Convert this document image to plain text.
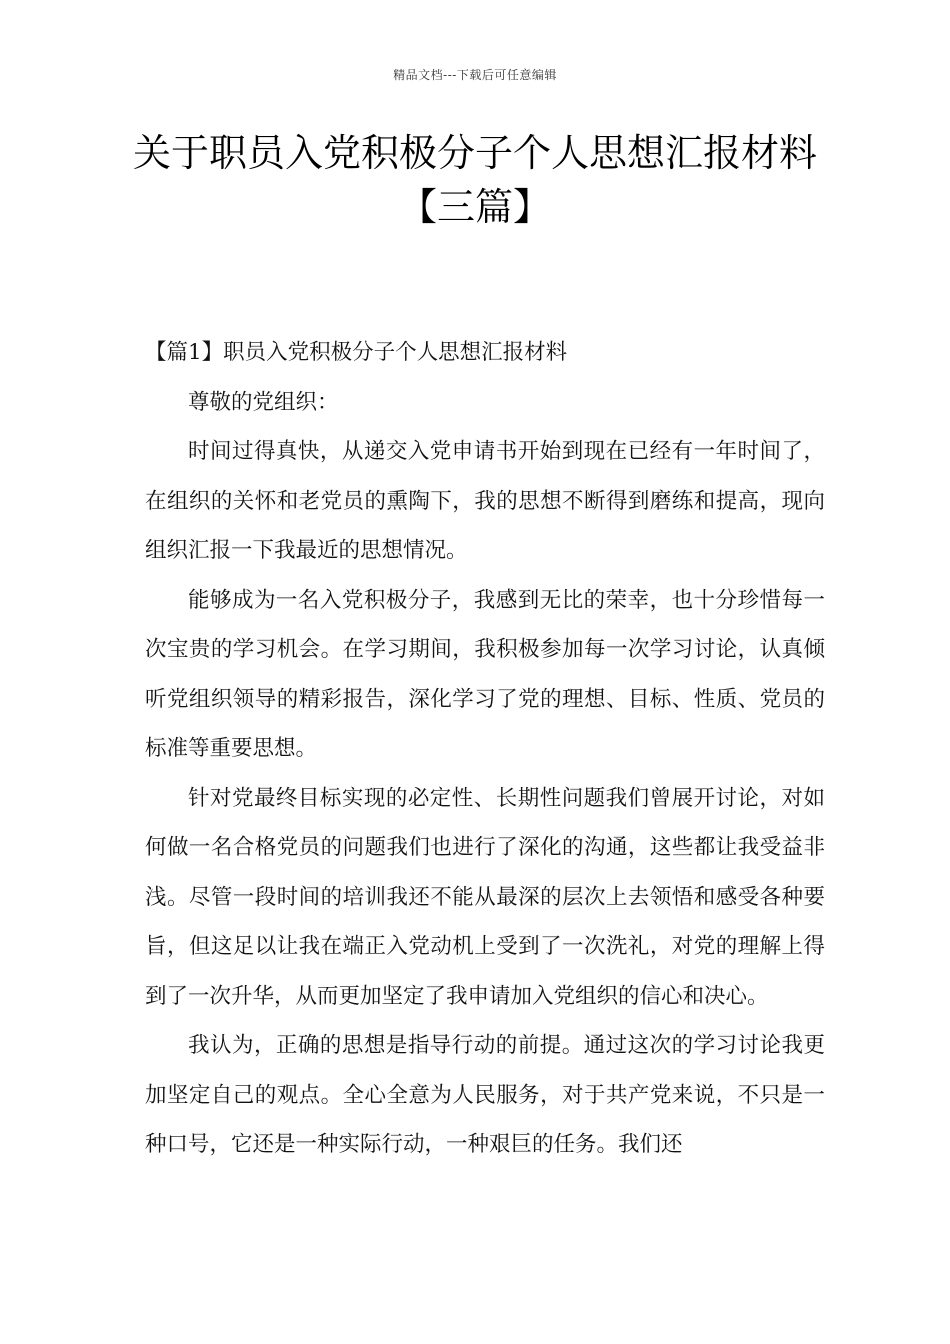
精品文档---下载后可任意编辑
关于职员入党积极分子个人思想汇报材料【三篇】

【篇1】职员入党积极分子个人思想汇报材料

尊敬的党组织：

时间过得真快，从递交入党申请书开始到现在已经有一年时间了，在组织的关怀和老党员的熏陶下，我的思想不断得到磨练和提高，现向组织汇报一下我最近的思想情况。

能够成为一名入党积极分子，我感到无比的荣幸，也十分珍惜每一次宝贵的学习机会。在学习期间，我积极参加每一次学习讨论，认真倾听党组织领导的精彩报告，深化学习了党的理想、目标、性质、党员的标准等重要思想。

针对党最终目标实现的必定性、长期性问题我们曾展开讨论，对如何做一名合格党员的问题我们也进行了深化的沟通，这些都让我受益非浅。尽管一段时间的培训我还不能从最深的层次上去领悟和感受各种要旨，但这足以让我在端正入党动机上受到了一次洗礼，对党的理解上得到了一次升华，从而更加坚定了我申请加入党组织的信心和决心。

我认为，正确的思想是指导行动的前提。通过这次的学习讨论我更加坚定自己的观点。全心全意为人民服务，对于共产党来说，不只是一种口号，它还是一种实际行动，一种艰巨的任务。我们还
